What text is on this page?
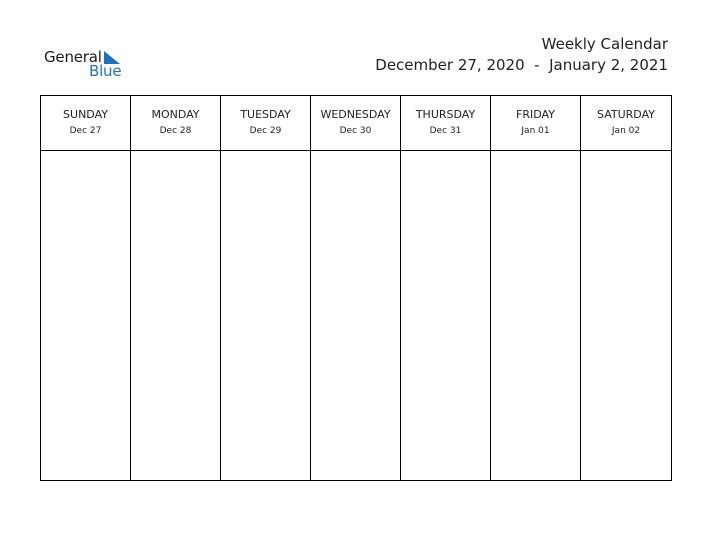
General
Blue
Weekly Calendar
December 27, 2020  -  January 2, 2021
SUNDAY
Dec 27
MONDAY
Dec 28
TUESDAY
Dec 29
WEDNESDAY
Dec 30
THURSDAY
Dec 31
FRIDAY
Jan 01
SATURDAY
Jan 02
